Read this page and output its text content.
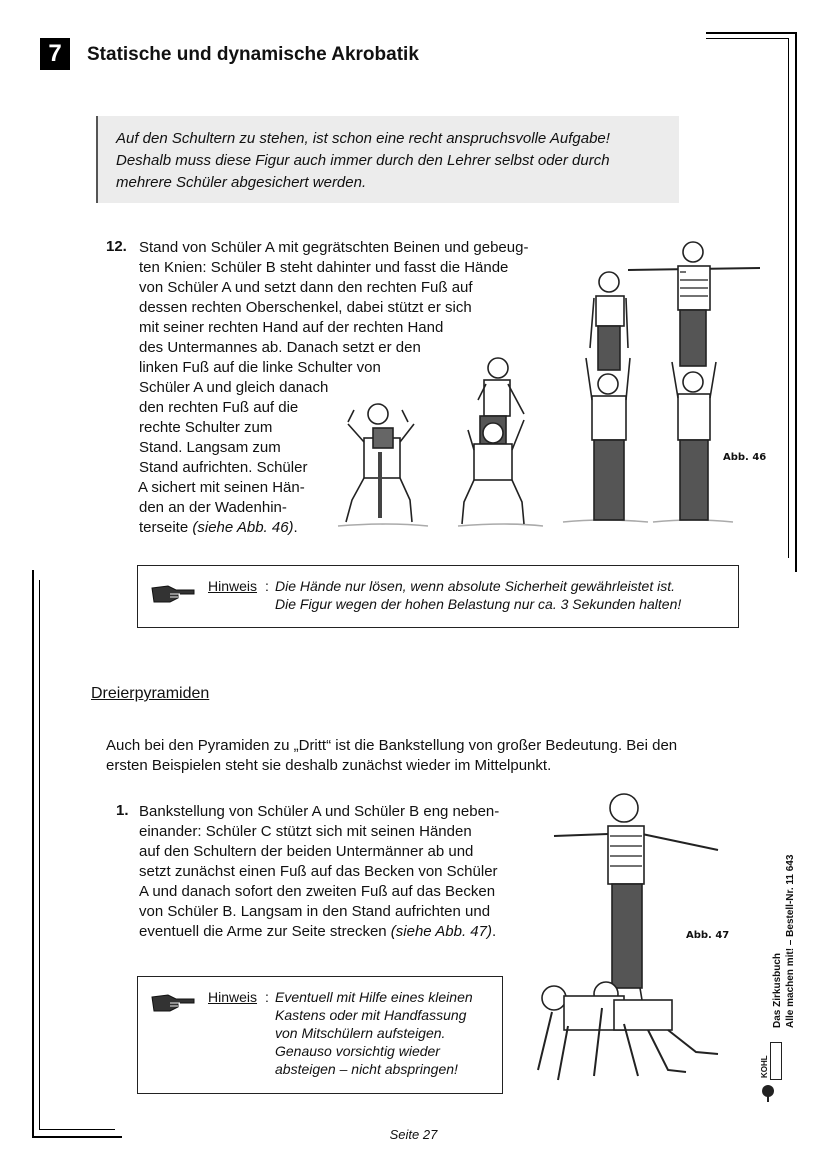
7	Statische und dynamische Akrobatik
Auf den Schultern zu stehen, ist schon eine recht anspruchsvolle Aufgabe!
Deshalb muss diese Figur auch immer durch den Lehrer selbst oder durch
mehrere Schüler abgesichert werden.
12. Stand von Schüler A mit gegrätschten Beinen und gebeug-
ten Knien: Schüler B steht dahinter und fasst die Hände
von Schüler A und setzt dann den rechten Fuß auf
dessen rechten Oberschenkel, dabei stützt er sich
mit seiner rechten Hand auf der rechten Hand
des Untermannes ab. Danach setzt er den
linken Fuß auf die linke Schulter von
Schüler A und gleich danach
den rechten Fuß auf die
rechte Schulter zum
Stand. Langsam zum
Stand aufrichten. Schüler
A sichert mit seinen Hän-
den an der Wadenhin-
terseite (siehe Abb. 46).
Abb. 46
Hinweis : Die Hände nur lösen, wenn absolute Sicherheit gewährleistet ist.
Die Figur wegen der hohen Belastung nur ca. 3 Sekunden halten!
Dreierpyramiden
Auch bei den Pyramiden zu „Dritt“ ist die Bankstellung von großer Bedeutung. Bei den
ersten Beispielen steht sie deshalb zunächst wieder im Mittelpunkt.
1. Bankstellung von Schüler A und Schüler B eng neben-
einander: Schüler C stützt sich mit seinen Händen
auf den Schultern der beiden Untermänner ab und
setzt zunächst einen Fuß auf das Becken von Schüler
A und danach sofort den zweiten Fuß auf das Becken
von Schüler B. Langsam in den Stand aufrichten und
eventuell die Arme zur Seite strecken (siehe Abb. 47).	Abb. 47
Hinweis : Eventuell mit Hilfe eines kleinen
Kastens oder mit Handfassung
von Mitschülern aufsteigen.
Genauso vorsichtig wieder
absteigen – nicht abspringen!
Das Zirkusbuch Alle machen mit! – Bestell-Nr. 11 643
KOHL
Seite 27
